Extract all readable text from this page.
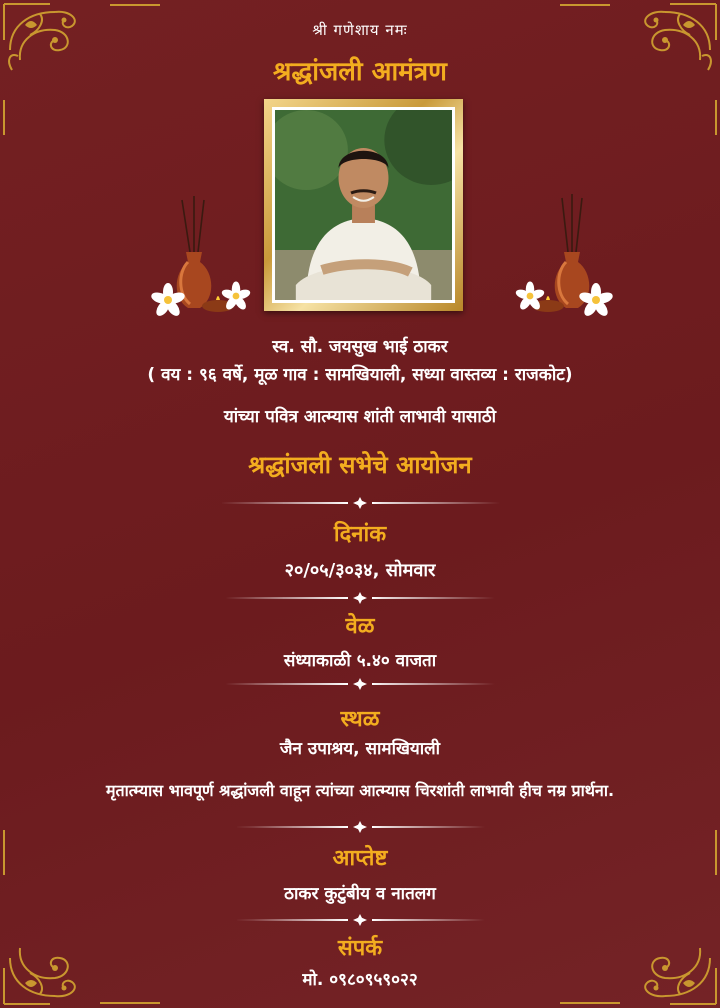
श्री गणेशाय नमः
श्रद्धांजली आमंत्रण
स्व. सौ. जयसुख भाई ठाकर
( वय : ९६ वर्षे, मूळ गाव : सामखियाली, सध्या वास्तव्य : राजकोट)
यांच्या पवित्र आत्म्यास शांती लाभावी यासाठी
श्रद्धांजली सभेचे आयोजन
दिनांक
२०/०५/३०३४, सोमवार
वेळ
संध्याकाळी ५.४० वाजता
स्थळ
जैन उपाश्रय, सामखियाली
मृतात्म्यास भावपूर्ण श्रद्धांजली वाहून त्यांच्या आत्म्यास चिरशांती लाभावी हीच नम्र प्रार्थना.
आप्तेष्ट
ठाकर कुटुंबीय व नातलग
संपर्क
मो. ०९८०९५९०२२
